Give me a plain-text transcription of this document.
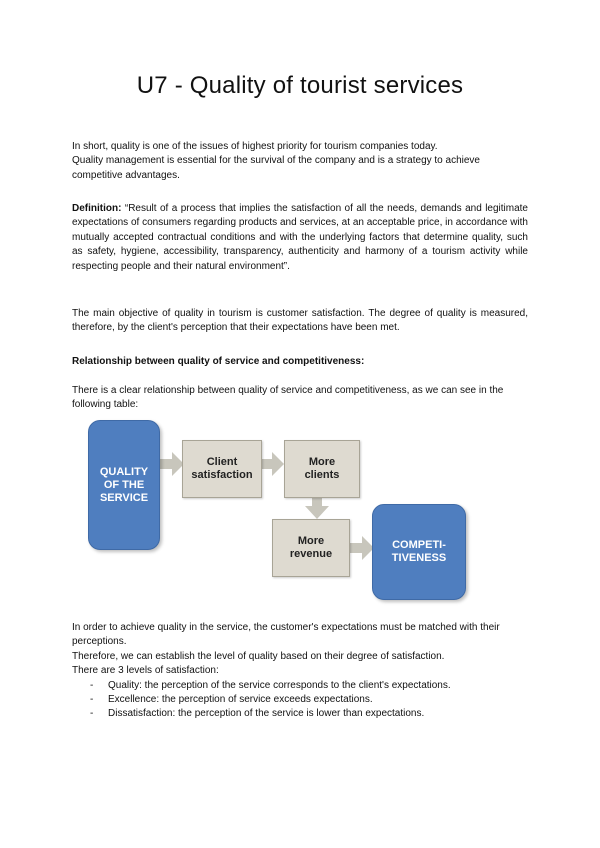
U7 - Quality of tourist services

In short, quality is one of the issues of highest priority for tourism companies today.

Quality management is essential for the survival of the company and is a strategy to achieve competitive advantages.

Definition: “Result of a process that implies the satisfaction of all the needs, demands and legitimate expectations of consumers regarding products and services, at an acceptable price, in accordance with mutually accepted contractual conditions and with the underlying factors that determine quality, such as safety, hygiene, accessibility, transparency, authenticity and harmony of a tourism activity while respecting people and their natural environment”.

The main objective of quality in tourism is customer satisfaction. The degree of quality is measured, therefore, by the client's perception that their expectations have been met.

Relationship between quality of service and competitiveness:

There is a clear relationship between quality of service and competitiveness, as we can see in the following table:

QUALITY OF THE SERVICE
Client satisfaction
More clients
More revenue
COMPETI-TIVENESS

In order to achieve quality in the service, the customer's expectations must be matched with their perceptions.

Therefore, we can establish the level of quality based on their degree of satisfaction.

There are 3 levels of satisfaction:

- Quality: the perception of the service corresponds to the client's expectations.
- Excellence: the perception of service exceeds expectations.
- Dissatisfaction: the perception of the service is lower than expectations.
